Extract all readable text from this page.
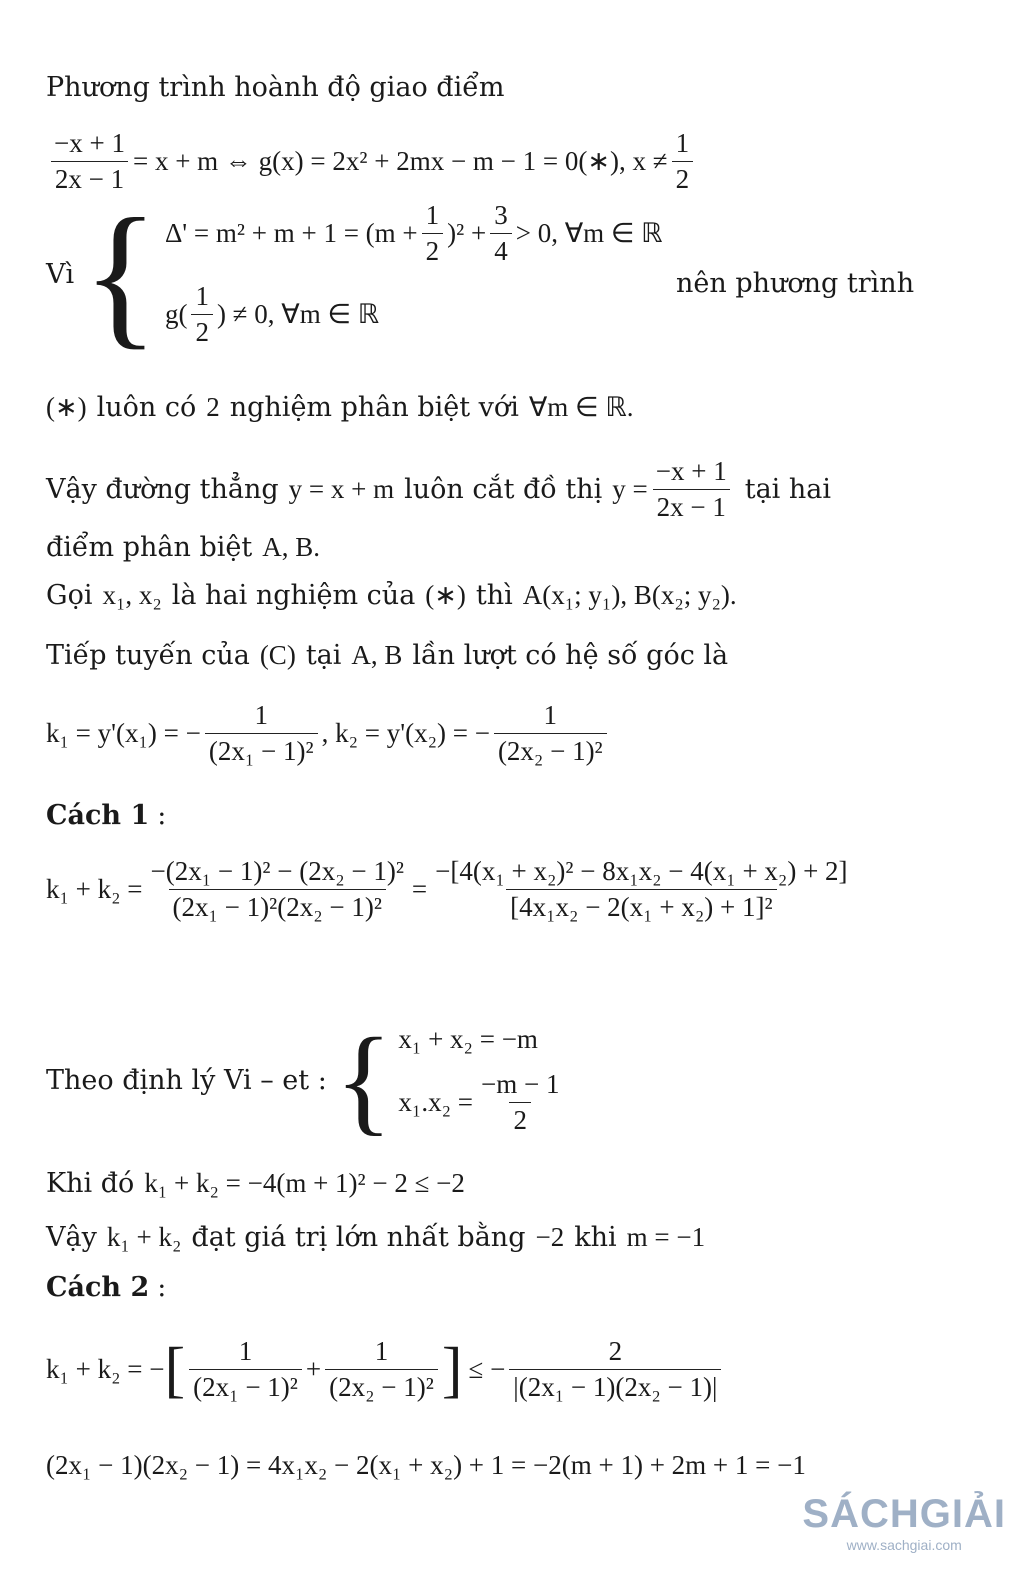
Phương trình hoành độ giao điểm
$\frac{-x + 1}{2x - 1} = x + m$ ⇔ g(x) = 2x² + 2mx − m − 1 = 0(∗), $x \ne \frac{1}{2}$
Vì { $\Delta' = m^2 + m + 1 = (m + \frac{1}{2} )^2 + \frac{3}{4} > 0$, ∀m ∈ ℝ
$g( \frac{1}{2}$ ) ≠ 0, ∀m ∈ ℝ
nên phương trình
(∗) luôn có 2 nghiệm phân biệt với ∀m ∈ ℝ.
Vậy đường thẳng y = x + m luôn cắt đồ thị $y = \frac{-x + 1}{2x - 1}$ tại hai
điểm phân biệt A, B.
Gọi x₁, x₂ là hai nghiệm của (∗) thì A(x₁; y₁), B(x₂; y₂).
Tiếp tuyến của (C) tại A, B lần lượt có hệ số góc là
k₁ = y'(x₁) = − $\frac{1}{\text{(2x₁ − 1)²}}$ , k₂ = y'(x₂) = − $\frac{1}{\text{(2x₂ − 1)²}}$
Cách 1 :
$k_1 + k_2 = \frac{\text{−(2x₁ − 1)² − (2x₂ − 1)²}}{\text{(2x₁ − 1)²(2x₂ − 1)²}} = \frac{\text{−[4(x₁ + x₂)² − 8x₁x₂ − 4(x₁ + x₂) + 2]}}{\text{[4x₁x₂ − 2(x₁ + x₂) + 1]²}}$
Theo định lý Vi – et : { x₁ + x₂ = −m
$x_1.x_2 = \frac{-m - 1}{2}$
Khi đó k₁ + k₂ = −4(m + 1)² − 2 ≤ −2
Vậy k₁ + k₂ đạt giá trị lớn nhất bằng −2 khi m = −1
Cách 2 :
k₁ + k₂ = − [ $\frac{1}{\text{(2x₁ − 1)²}} + \frac{1}{\text{(2x₂ − 1)²}}$ ] ≤ − $\frac{2}{\text{|(2x₁ − 1)(2x₂ − 1)|}}$
(2x₁ − 1)(2x₂ − 1) = 4x₁x₂ − 2(x₁ + x₂) + 1 = −2(m + 1) + 2m + 1 = −1
SÁCHGIẢI
www.sachgiai.com
